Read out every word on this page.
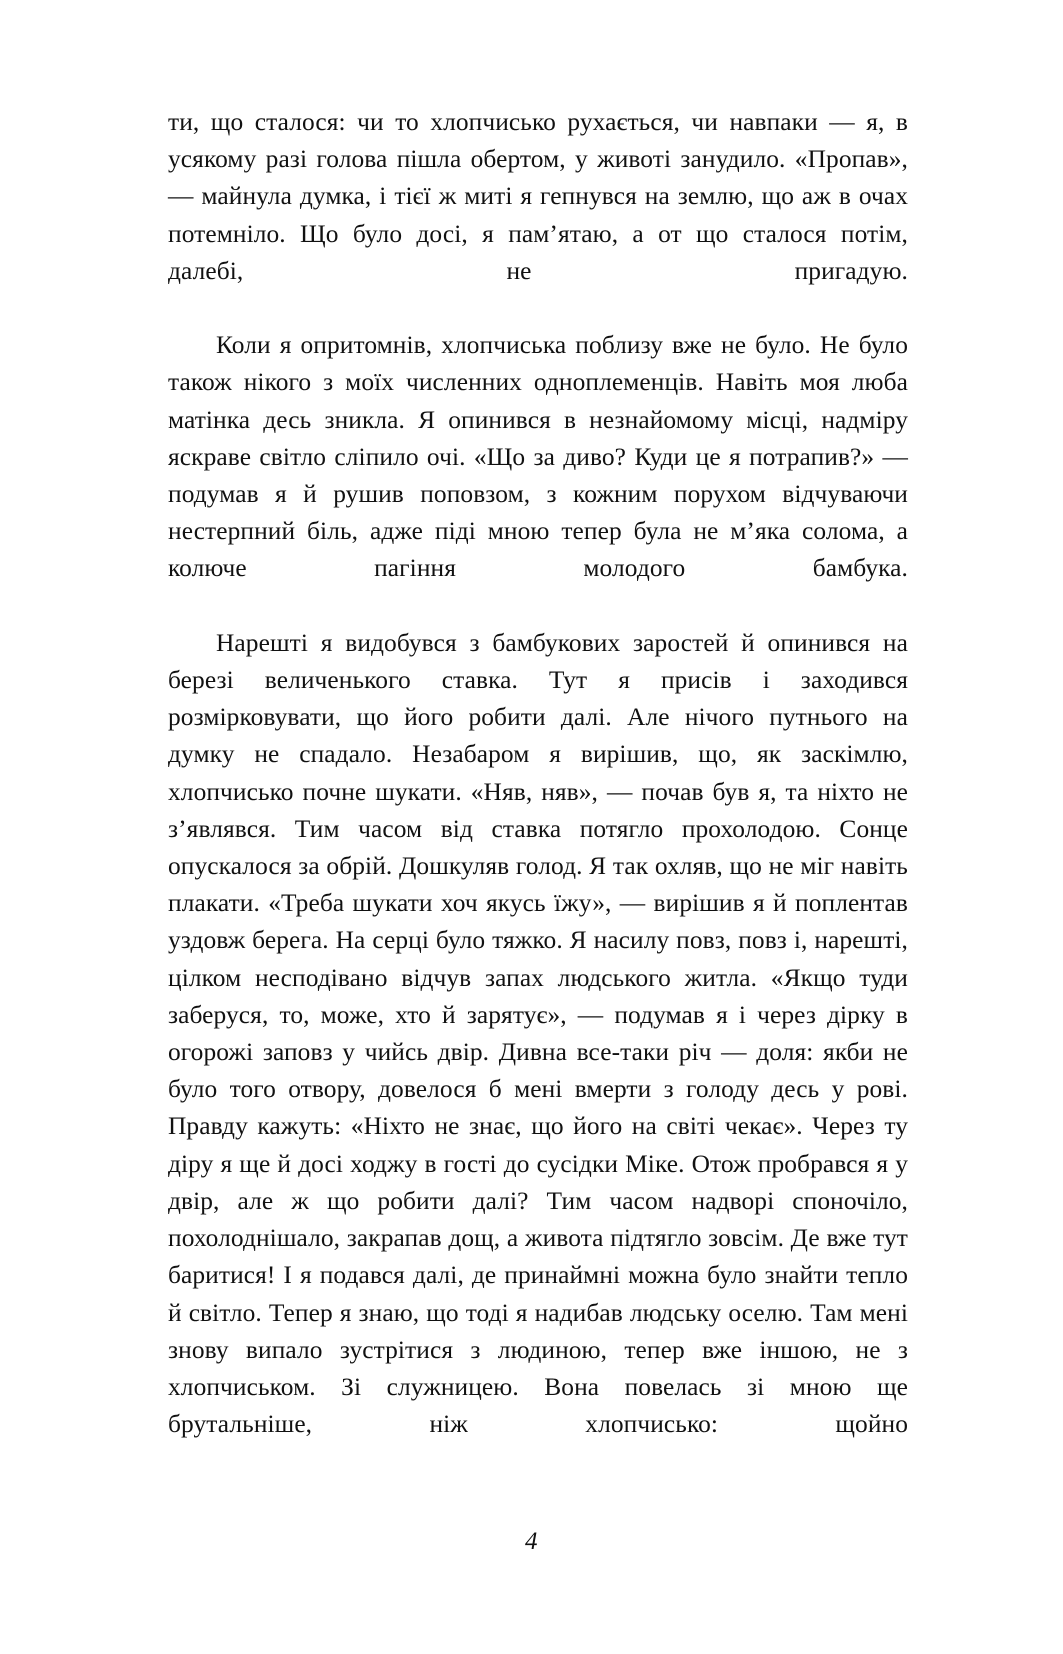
ти, що сталося: чи то хлопчисько рухається, чи навпаки — я, в усякому разі голова пішла обертом, у животі занудило. «Пропав», — майнула думка, і тієї ж миті я гепнувся на землю, що аж в очах потемніло. Що було досі, я пам’ятаю, а от що сталося потім, далебі, не пригадую.

Коли я опритомнів, хлопчиська поблизу вже не було. Не було також нікого з моїх численних одноплеменців. Навіть моя люба матінка десь зникла. Я опинився в незнайомому місці, надміру яскраве світло сліпило очі. «Що за диво? Куди це я потрапив?» — подумав я й рушив поповзом, з кожним порухом відчуваючи нестерпний біль, адже піді мною тепер була не м’яка солома, а колюче пагіння молодого бамбука.

Нарешті я видобувся з бамбукових заростей й опинився на березі величенького ставка. Тут я присів і заходився розмірковувати, що його робити далі. Але нічого путнього на думку не спадало. Незабаром я вирішив, що, як заскімлю, хлопчисько почне шукати. «Няв, няв», — почав був я, та ніхто не з’являвся. Тим часом від ставка потягло прохолодою. Сонце опускалося за обрій. Дошкуляв голод. Я так охляв, що не міг навіть плакати. «Треба шукати хоч якусь їжу», — вирішив я й поплентав уздовж берега. На серці було тяжко. Я насилу повз, повз і, нарешті, цілком несподівано відчув запах людського житла. «Якщо туди заберуся, то, може, хто й зарятує», — подумав я і через дірку в огорожі заповз у чийсь двір. Дивна все-таки річ — доля: якби не було того отвору, довелося б мені вмерти з голоду десь у рові. Правду кажуть: «Ніхто не знає, що його на світі чекає». Через ту діру я ще й досі ходжу в гості до сусідки Міке. Отож пробрався я у двір, але ж що робити далі? Тим часом надворі споночіло, похолоднішало, закрапав дощ, а живота підтягло зовсім. Де вже тут баритися! І я подався далі, де принаймні можна було знайти тепло й світло. Тепер я знаю, що тоді я надибав людську оселю. Там мені знову випало зустрітися з людиною, тепер вже іншою, не з хлопчиськом. Зі служницею. Вона повелась зі мною ще брутальніше, ніж хлопчисько: щойно

4
